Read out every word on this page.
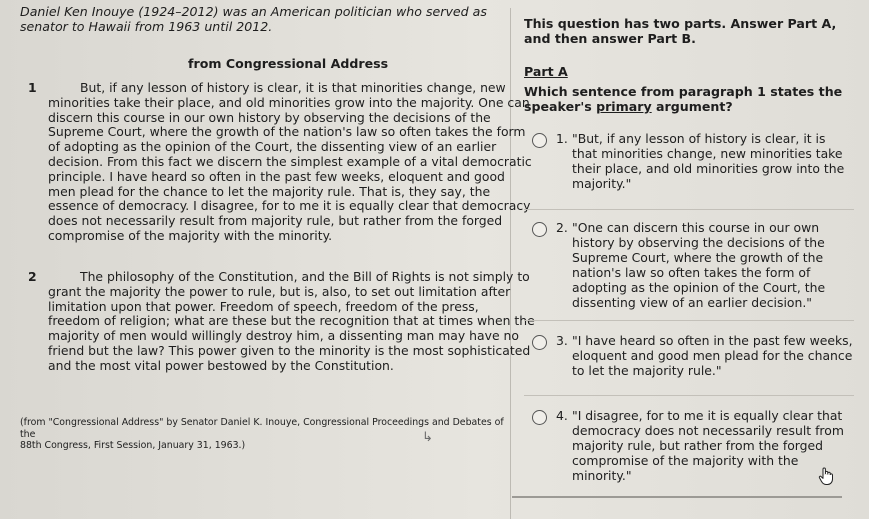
Daniel Ken Inouye (1924–2012) was an American politician who served as senator to Hawaii from 1963 until 2012.
from Congressional Address
1	But, if any lesson of history is clear, it is that minorities change, new
minorities take their place, and old minorities grow into the majority. One can
discern this course in our own history by observing the decisions of the
Supreme Court, where the growth of the nation's law so often takes the form
of adopting as the opinion of the Court, the dissenting view of an earlier
decision. From this fact we discern the simplest example of a vital democratic
principle. I have heard so often in the past few weeks, eloquent and good
men plead for the chance to let the majority rule. That is, they say, the
essence of democracy. I disagree, for to me it is equally clear that democracy
does not necessarily result from majority rule, but rather from the forged
compromise of the majority with the minority.
2	The philosophy of the Constitution, and the Bill of Rights is not simply to
grant the majority the power to rule, but is, also, to set out limitation after
limitation upon that power. Freedom of speech, freedom of the press,
freedom of religion; what are these but the recognition that at times when the
majority of men would willingly destroy him, a dissenting man may have no
friend but the law? This power given to the minority is the most sophisticated
and the most vital power bestowed by the Constitution.
(from "Congressional Address" by Senator Daniel K. Inouye, Congressional Proceedings and Debates of the
88th Congress, First Session, January 31, 1963.)
↳
This question has two parts. Answer Part A, and then answer Part B.
Part A
Which sentence from paragraph 1 states the speaker's primary argument?
1. "But, if any lesson of history is clear, it is that minorities change, new minorities take their place, and old minorities grow into the majority."
2. "One can discern this course in our own history by observing the decisions of the Supreme Court, where the growth of the nation's law so often takes the form of adopting as the opinion of the Court, the dissenting view of an earlier decision."
3. "I have heard so often in the past few weeks, eloquent and good men plead for the chance to let the majority rule."
4. "I disagree, for to me it is equally clear that democracy does not necessarily result from majority rule, but rather from the forged compromise of the majority with the minority."
